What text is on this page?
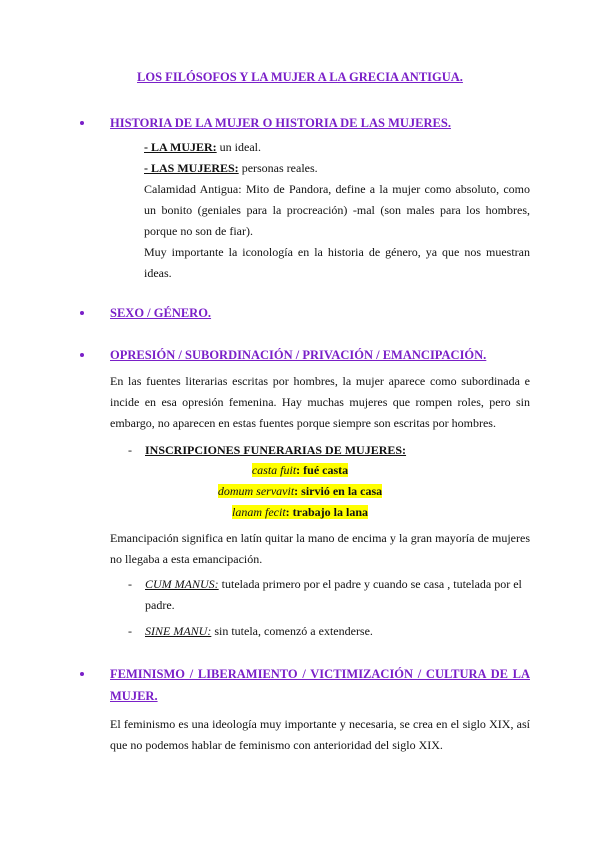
LOS FILÓSOFOS Y LA MUJER A LA GRECIA ANTIGUA.
HISTORIA DE LA MUJER O HISTORIA DE LAS MUJERES.
- LA MUJER: un ideal.
- LAS MUJERES: personas reales.
Calamidad Antigua: Mito de Pandora, define a la mujer como absoluto, como un bonito (geniales para la procreación) -mal (son males para los hombres, porque no son de fiar).
Muy importante la iconología en la historia de género, ya que nos muestran ideas.
SEXO / GÉNERO.
OPRESIÓN / SUBORDINACIÓN / PRIVACIÓN / EMANCIPACIÓN.
En las fuentes literarias escritas por hombres, la mujer aparece como subordinada e incide en esa opresión femenina. Hay muchas mujeres que rompen roles, pero sin embargo, no aparecen en estas fuentes porque siempre son escritas por hombres.
- INSCRIPCIONES FUNERARIAS DE MUJERES:
casta fuit: fué casta
domum servavit: sirvió en la casa
lanam fecit: trabajo la lana
Emancipación significa en latín quitar la mano de encima y la gran mayoría de mujeres no llegaba a esta emancipación.
- CUM MANUS: tutelada primero por el padre y cuando se casa , tutelada por el padre.
- SINE MANU: sin tutela, comenzó a extenderse.
FEMINISMO / LIBERAMIENTO / VICTIMIZACIÓN / CULTURA DE LA MUJER.
El feminismo es una ideología muy importante y necesaria, se crea en el siglo XIX, así que no podemos hablar de feminismo con anterioridad del siglo XIX.
